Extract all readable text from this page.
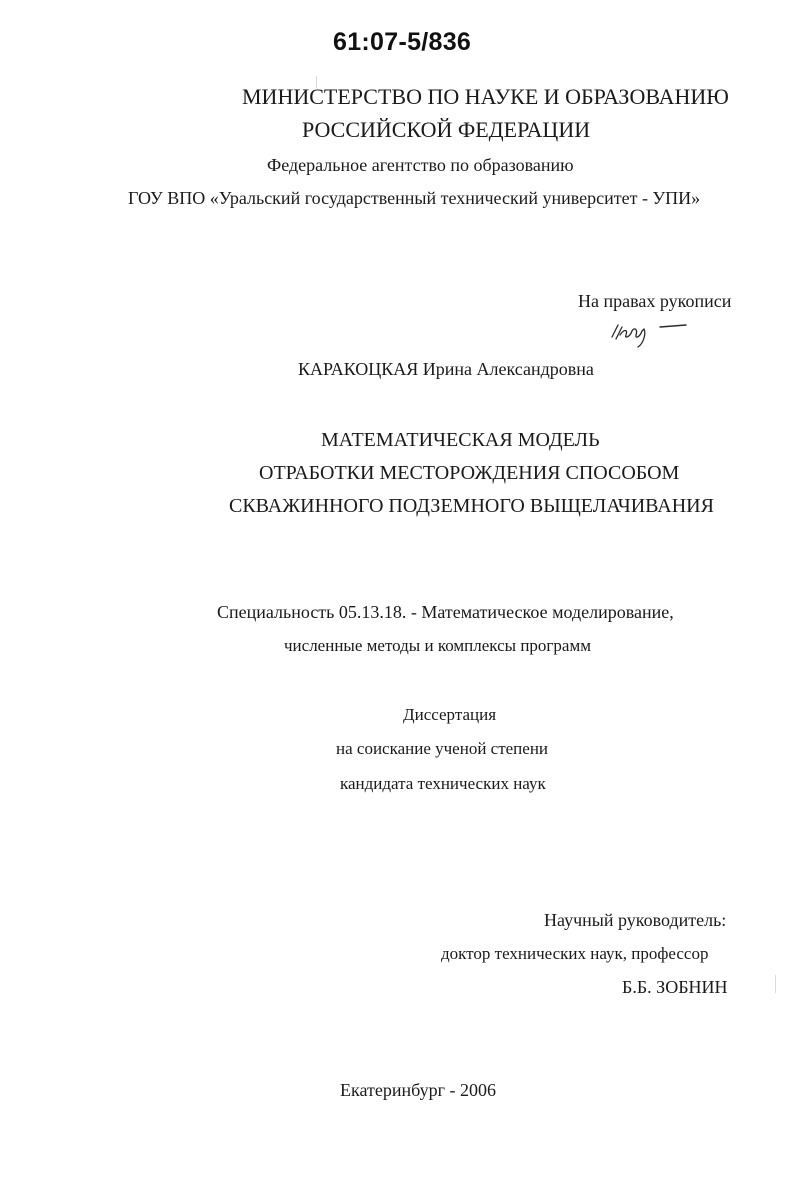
61:07-5/836
МИНИСТЕРСТВО ПО НАУКЕ И ОБРАЗОВАНИЮ
РОССИЙСКОЙ ФЕДЕРАЦИИ
Федеральное агентство по образованию
ГОУ ВПО «Уральский государственный технический университет - УПИ»
На правах рукописи
КАРАКОЦКАЯ Ирина Александровна
МАТЕМАТИЧЕСКАЯ МОДЕЛЬ
ОТРАБОТКИ МЕСТОРОЖДЕНИЯ СПОСОБОМ
СКВАЖИННОГО ПОДЗЕМНОГО ВЫЩЕЛАЧИВАНИЯ
Специальность 05.13.18. - Математическое моделирование,
численные методы и комплексы программ
Диссертация
на соискание ученой степени
кандидата технических наук
Научный руководитель:
доктор технических наук, профессор
Б.Б. ЗОБНИН
Екатеринбург - 2006
